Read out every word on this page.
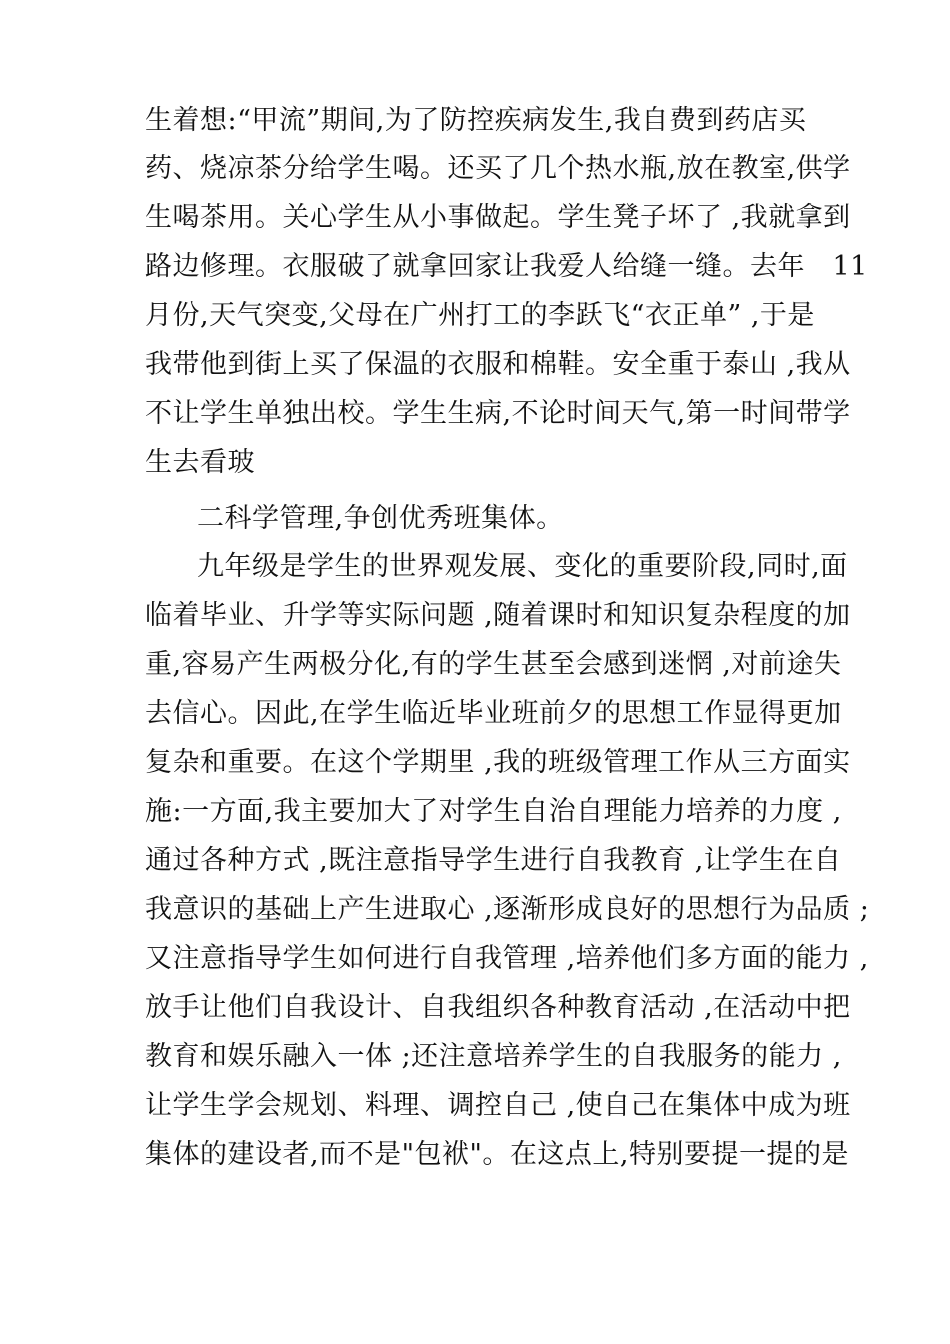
生着想:“甲流”期间,为了防控疾病发生,我自费到药店买
药、烧凉茶分给学生喝。还买了几个热水瓶,放在教室,供学
生喝茶用。关心学生从小事做起。学生凳子坏了 ,我就拿到
路边修理。衣服破了就拿回家让我爱人给缝一缝。去年　11
月份,天气突变,父母在广州打工的李跃飞“衣正单” ,于是
我带他到街上买了保温的衣服和棉鞋。安全重于泰山 ,我从
不让学生单独出校。学生生病,不论时间天气,第一时间带学
生去看玻
二科学管理,争创优秀班集体。
九年级是学生的世界观发展、变化的重要阶段,同时,面
临着毕业、升学等实际问题 ,随着课时和知识复杂程度的加
重,容易产生两极分化,有的学生甚至会感到迷惘 ,对前途失
去信心。因此,在学生临近毕业班前夕的思想工作显得更加
复杂和重要。在这个学期里 ,我的班级管理工作从三方面实
施:一方面,我主要加大了对学生自治自理能力培养的力度 ,
通过各种方式 ,既注意指导学生进行自我教育 ,让学生在自
我意识的基础上产生进取心 ,逐渐形成良好的思想行为品质 ;
又注意指导学生如何进行自我管理 ,培养他们多方面的能力 ,
放手让他们自我设计、自我组织各种教育活动 ,在活动中把
教育和娱乐融入一体 ;还注意培养学生的自我服务的能力 ,
让学生学会规划、料理、调控自己 ,使自己在集体中成为班
集体的建设者,而不是"包袱"。在这点上,特别要提一提的是
